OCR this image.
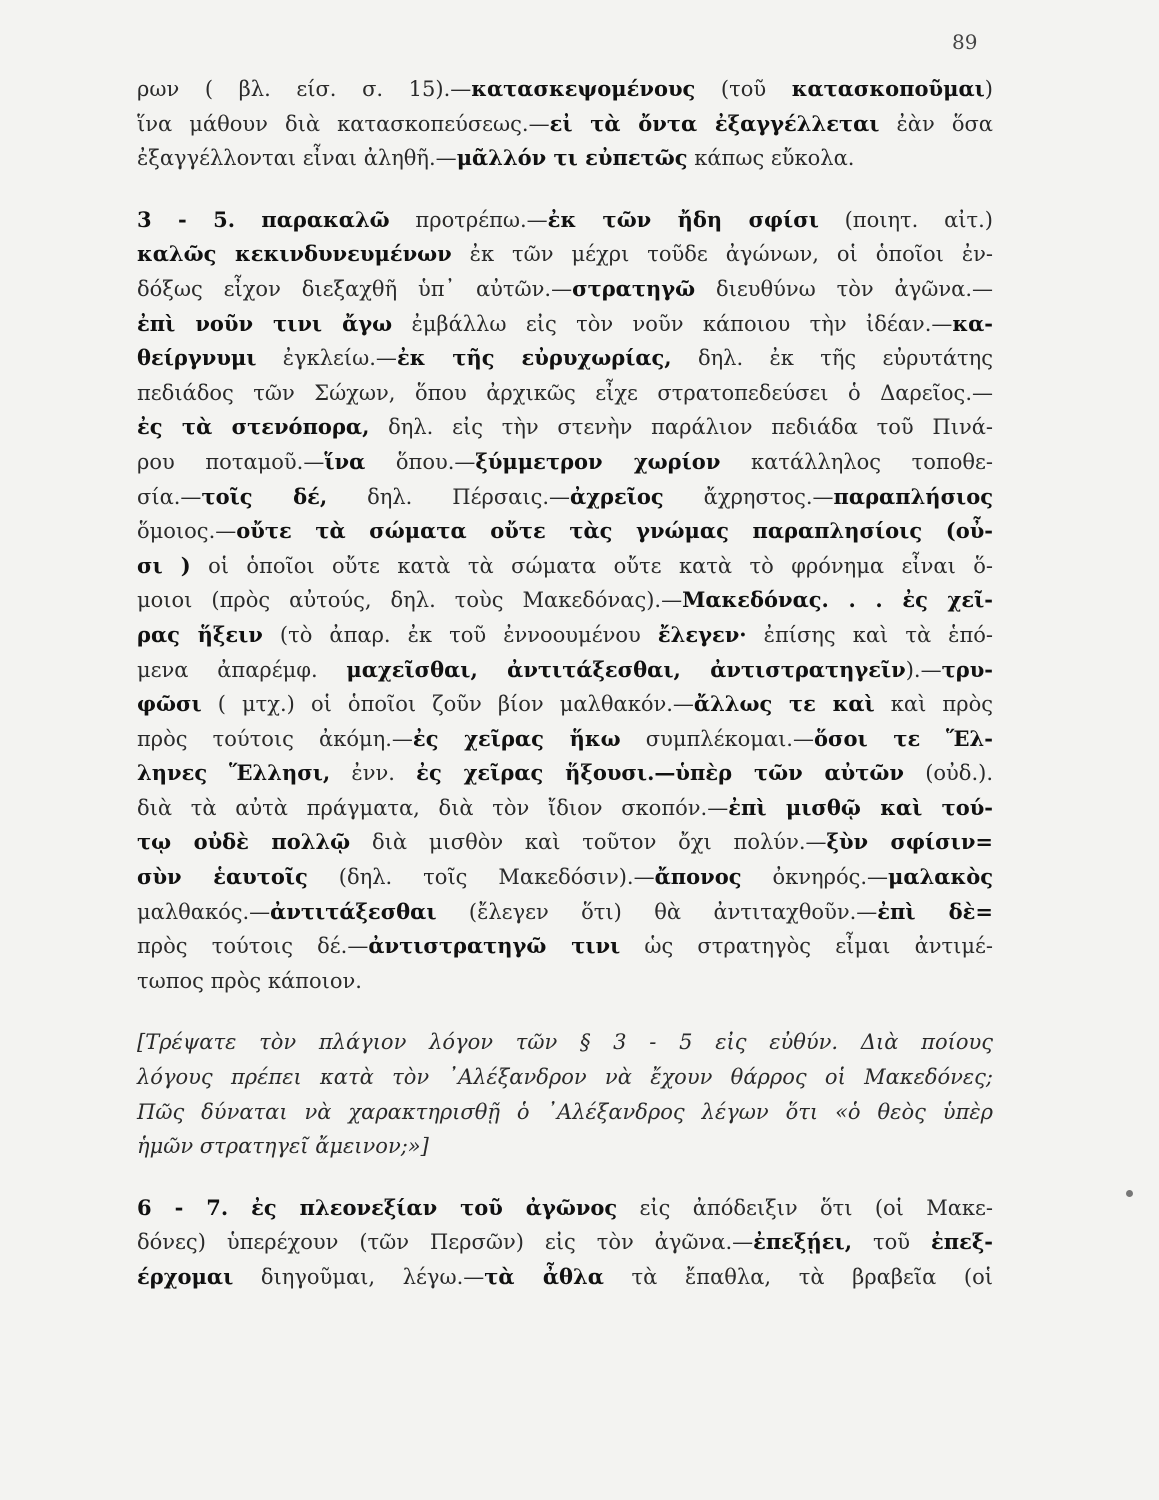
89
ρων ( βλ. είσ. σ. 15).—κατασκεψομένους (τοῦ κατασκοποῦμαι)
ἵνα μάθουν διὰ κατασκοπεύσεως.—εἰ τὰ ὄντα ἐξαγγέλλεται ἐὰν ὅσα
ἐξαγγέλλονται εἶναι ἀληθῆ.—μᾶλλόν τι εὐπετῶς κάπως εὔκολα.
3 - 5. παρακαλῶ προτρέπω.—ἐκ τῶν ἤδη σφίσι (ποιητ. αἰτ.)
καλῶς κεκινδυνευμένων ἐκ τῶν μέχρι τοῦδε ἀγώνων, οἱ ὁποῖοι ἐν-
δόξως εἶχον διεξαχθῆ ὑπ᾽ αὐτῶν.—στρατηγῶ διευθύνω τὸν ἀγῶνα.—
ἐπὶ νοῦν τινι ἄγω ἐμβάλλω εἰς τὸν νοῦν κάποιου τὴν ἰδέαν.—κα-
θείργνυμι ἐγκλείω.—ἐκ τῆς εὐρυχωρίας, δηλ. ἐκ τῆς εὐρυτάτης
πεδιάδος τῶν Σώχων, ὅπου ἀρχικῶς εἶχε στρατοπεδεύσει ὁ Δαρεῖος.—
ἐς τὰ στενόπορα, δηλ. εἰς τὴν στενὴν παράλιον πεδιάδα τοῦ Πινά-
ρου ποταμοῦ.—ἵνα ὅπου.—ξύμμετρον χωρίον κατάλληλος τοποθε-
σία.—τοῖς δέ, δηλ. Πέρσαις.—ἀχρεῖος ἄχρηστος.—παραπλήσιος
ὅμοιος.—οὔτε τὰ σώματα οὔτε τὰς γνώμας παραπλησίοις (οὖ-
σι ) οἱ ὁποῖοι οὔτε κατὰ τὰ σώματα οὔτε κατὰ τὸ φρόνημα εἶναι ὅ-
μοιοι (πρὸς αὐτούς, δηλ. τοὺς Μακεδόνας).—Μακεδόνας. . . ἐς χεῖ-
ρας ἥξειν (τὸ ἀπαρ. ἐκ τοῦ ἐννοουμένου ἔλεγεν· ἐπίσης καὶ τὰ ἑπό-
μενα ἀπαρέμφ. μαχεῖσθαι, ἀντιτάξεσθαι, ἀντιστρατηγεῖν).—τρυ-
φῶσι ( μτχ.) οἱ ὁποῖοι ζοῦν βίον μαλθακόν.—ἄλλως τε καὶ καὶ πρὸς
πρὸς τούτοις ἀκόμη.—ἐς χεῖρας ἥκω συμπλέκομαι.—ὅσοι τε Ἕλ-
ληνες Ἕλλησι, ἐνν. ἐς χεῖρας ἥξουσι.—ὑπὲρ τῶν αὐτῶν (οὐδ.).
διὰ τὰ αὐτὰ πράγματα, διὰ τὸν ἴδιον σκοπόν.—ἐπὶ μισθῷ καὶ τού-
τῳ οὐδὲ πολλῷ διὰ μισθὸν καὶ τοῦτον ὄχι πολύν.—ξὺν σφίσιν=
σὺν ἑαυτοῖς (δηλ. τοῖς Μακεδόσιν).—ἄπονος ὀκνηρός.—μαλακὸς
μαλθακός.—ἀντιτάξεσθαι (ἔλεγεν ὅτι) θὰ ἀντιταχθοῦν.—ἐπὶ δὲ=
πρὸς τούτοις δέ.—ἀντιστρατηγῶ τινι ὡς στρατηγὸς εἶμαι ἀντιμέ-
τωπος πρὸς κάποιον.
[Τρέψατε τὸν πλάγιον λόγον τῶν § 3 - 5 εἰς εὐθύν. Διὰ ποίους
λόγους πρέπει κατὰ τὸν ᾽Αλέξανδρον νὰ ἔχουν θάρρος οἱ Μακεδόνες;
Πῶς δύναται νὰ χαρακτηρισθῇ ὁ ᾽Αλέξανδρος λέγων ὅτι «ὁ θεὸς ὑπὲρ
ἡμῶν στρατηγεῖ ἄμεινον;»]
6 - 7. ἐς πλεονεξίαν τοῦ ἀγῶνος εἰς ἀπόδειξιν ὅτι (οἱ Μακε-
δόνες) ὑπερέχουν (τῶν Περσῶν) εἰς τὸν ἀγῶνα.—ἐπεξῄει, τοῦ ἐπεξ-
έρχομαι διηγοῦμαι, λέγω.—τὰ ἆθλα τὰ ἔπαθλα, τὰ βραβεῖα (οἱ
